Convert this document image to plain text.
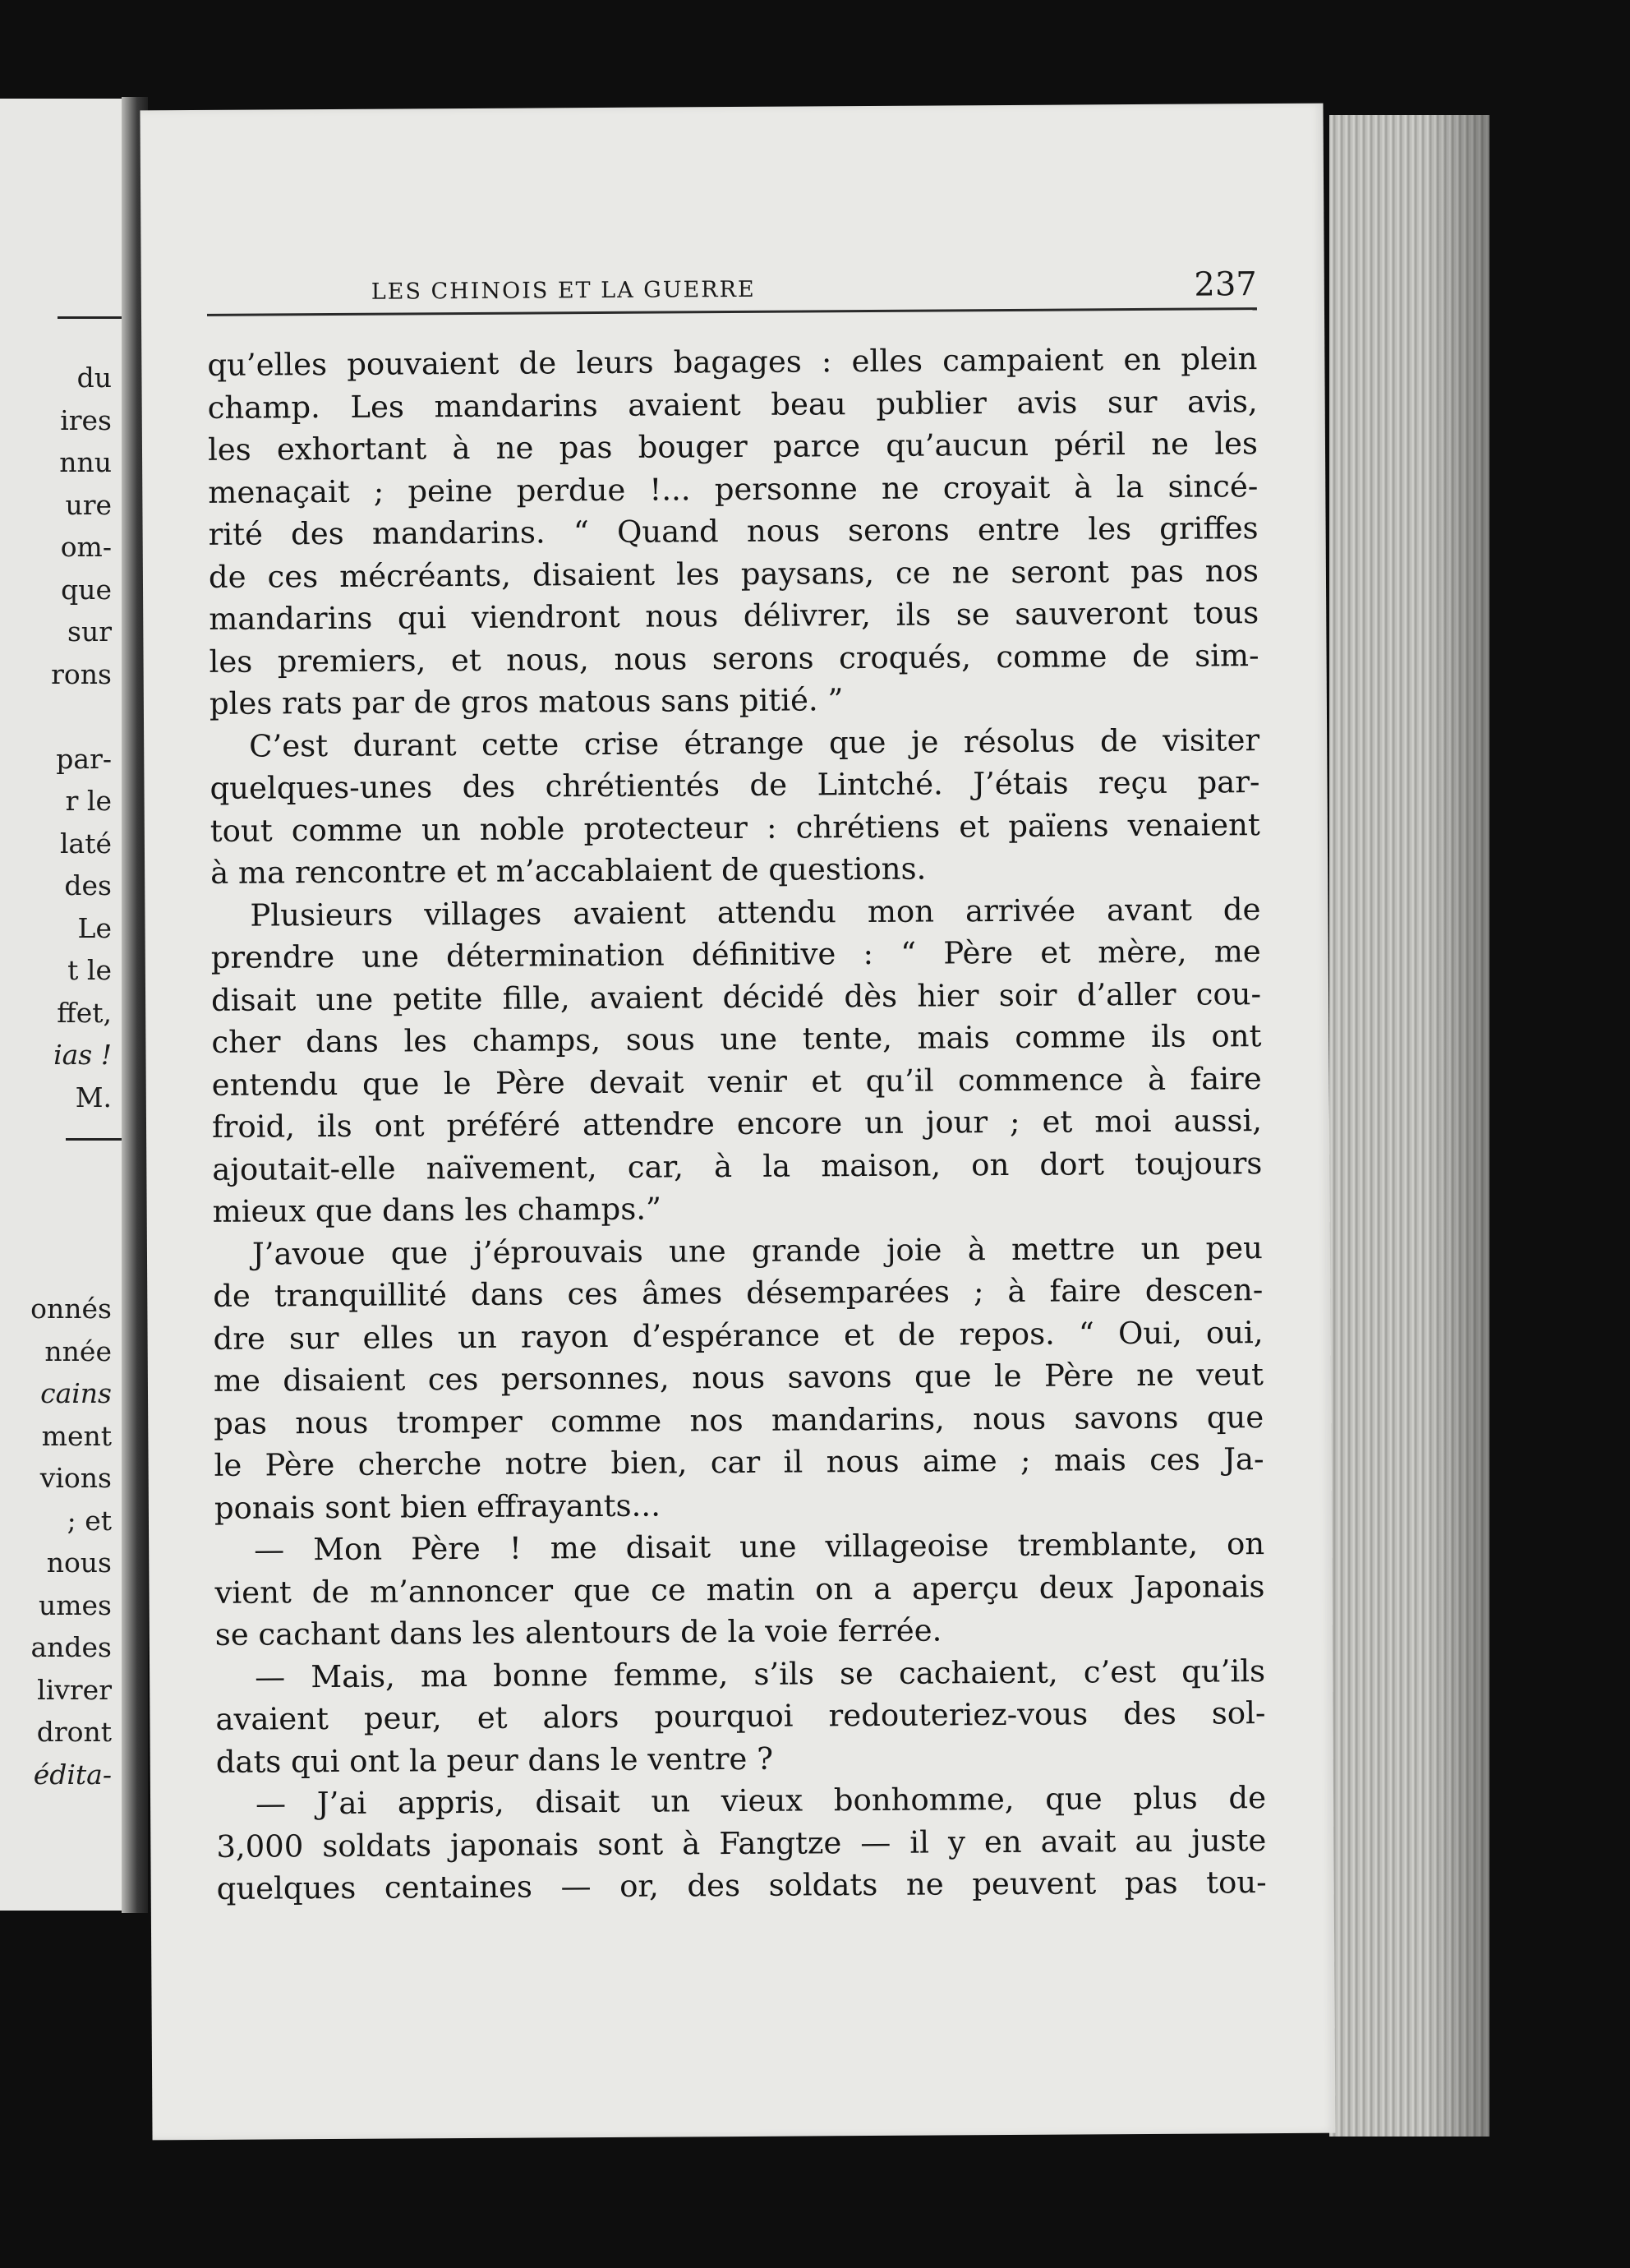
du
ires
nnu
ure
om-
que
sur
rons
par-
r le
laté
des
Le
t le
ffet,
ias !
M.
onnés
nnée
cains
ment
vions
; et
nous
umes
andes
livrer
dront
édita-
LES CHINOIS ET LA GUERRE	237
qu’elles pouvaient de leurs bagages : elles campaient en plein
champ. Les mandarins avaient beau publier avis sur avis,
les exhortant à ne pas bouger parce qu’aucun péril ne les
menaçait ; peine perdue !... personne ne croyait à la sincé-
rité des mandarins. “ Quand nous serons entre les griffes
de ces mécréants, disaient les paysans, ce ne seront pas nos
mandarins qui viendront nous délivrer, ils se sauveront tous
les premiers, et nous, nous serons croqués, comme de sim-
ples rats par de gros matous sans pitié. ”
C’est durant cette crise étrange que je résolus de visiter
quelques-unes des chrétientés de Lintché. J’étais reçu par-
tout comme un noble protecteur : chrétiens et païens venaient
à ma rencontre et m’accablaient de questions.
Plusieurs villages avaient attendu mon arrivée avant de
prendre une détermination définitive : “ Père et mère, me
disait une petite fille, avaient décidé dès hier soir d’aller cou-
cher dans les champs, sous une tente, mais comme ils ont
entendu que le Père devait venir et qu’il commence à faire
froid, ils ont préféré attendre encore un jour ; et moi aussi,
ajoutait-elle naïvement, car, à la maison, on dort toujours
mieux que dans les champs.”
J’avoue que j’éprouvais une grande joie à mettre un peu
de tranquillité dans ces âmes désemparées ; à faire descen-
dre sur elles un rayon d’espérance et de repos. “ Oui, oui,
me disaient ces personnes, nous savons que le Père ne veut
pas nous tromper comme nos mandarins, nous savons que
le Père cherche notre bien, car il nous aime ; mais ces Ja-
ponais sont bien effrayants...
— Mon Père ! me disait une villageoise tremblante, on
vient de m’annoncer que ce matin on a aperçu deux Japonais
se cachant dans les alentours de la voie ferrée.
— Mais, ma bonne femme, s’ils se cachaient, c’est qu’ils
avaient peur, et alors pourquoi redouteriez-vous des sol-
dats qui ont la peur dans le ventre ?
— J’ai appris, disait un vieux bonhomme, que plus de
3,000 soldats japonais sont à Fangtze — il y en avait au juste
quelques centaines — or, des soldats ne peuvent pas tou-
